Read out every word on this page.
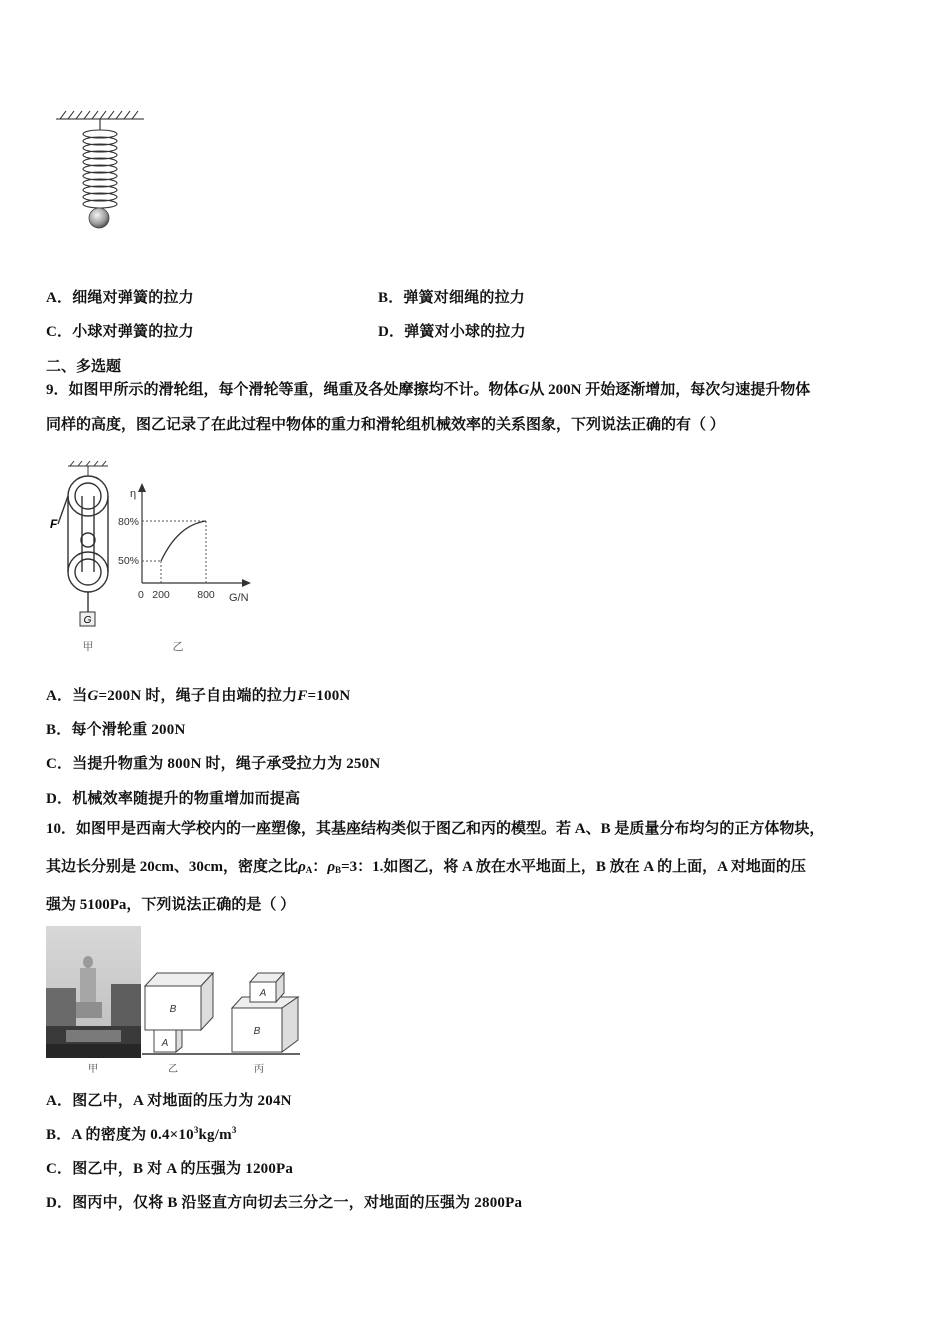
A．细绳对弹簧的拉力	B．弹簧对细绳的拉力
C．小球对弹簧的拉力	D．弹簧对小球的拉力
二、多选题
9．如图甲所示的滑轮组，每个滑轮等重，绳重及各处摩擦均不计。物体G从 200N 开始逐渐增加，每次匀速提升物体
同样的高度，图乙记录了在此过程中物体的重力和滑轮组机械效率的关系图象，下列说法正确的有（ ）
F
G
甲
η
G/N
80%
50%
0 200	800
乙
A．当G=200N 时，绳子自由端的拉力F=100N
B．每个滑轮重 200N
C．当提升物重为 800N 时，绳子承受拉力为 250N
D．机械效率随提升的物重增加而提高
10．如图甲是西南大学校内的一座塑像，其基座结构类似于图乙和丙的模型。若 A、B 是质量分布均匀的正方体物块，
其边长分别是 20cm、30cm，密度之比ρA：ρB=3：1.如图乙，将 A 放在水平地面上，B 放在 A 的上面，A 对地面的压
强为 5100Pa，下列说法正确的是（ ）
甲
A
B
B
A
乙	丙
A．图乙中，A 对地面的压力为 204N
B．A 的密度为 $0.4\times 10^3kg/m^3$
C．图乙中，B 对 A 的压强为 1200Pa
D．图丙中，仅将 B 沿竖直方向切去三分之一，对地面的压强为 2800Pa
